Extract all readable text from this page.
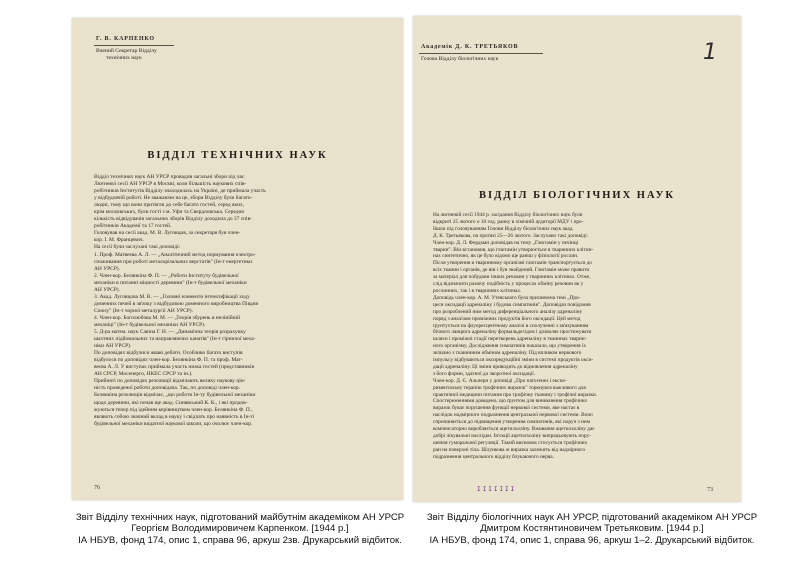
Г. В. КАРПЕНКО
Вчений Секретар Відділу
технічних наук
ВІДДІЛ ТЕХНІЧНИХ НАУК

Відділ технічних наук АН УРСР провадив загальні збори під час

Лютневої сесії АН УРСР в Москві, коли більшість наукових спів-

робітників Інститутів Відділу знаходилась на Україні, де приймала участь

у відбудовчій роботі. Не зважаючи на це, збори Відділу були багато-

людні, тому що вони притягли до себе багато гостей, серед яких,

крім московських, були гості з м. Уфи та Свердловська. Середня

кількість відвідувачів загальних зборів Відділу доходила до 37 спів-

робітників Академії та 17 гостей.

Головував на сесії акад. М. В. Луговцов, за секретаря був член-

кор. І. М. Францевич.

На сесії були заслухані такі доповіді:

1. Проф. Матвеєва А. Л. — „Аналітичний метод нормування електро-

споживання при роботі металорізальних верстатів" (Ін-т енергетики

АН УРСР).

2. Член-кор. Белянкіна Ф. П. — „Роботи Інституту будівельної

механіки в питанні міцності деревини" (Ін-т будівельної механіки

АН УРСР).

3. Акад. Луговцова М. В. — „Головні елементи інтенсифікації ходу

доменних печей в зв'язку з відбудовою доменного виробництва Півдня

Союзу" (Ін-т чорної металургії АН УРСР).

4. Член-кор. Боголюбова М. М. — „Теорія збурень в нелінійній

механіці" (Ін-т будівельної механіки АН УРСР).

5. Д-ра матем. наук Савіна Г. Н. — „Динамічна теорія розрахунку

шахтних підйомальних та направляючих канатів" (Ін-т гірничої меха-

ніки АН УРСР).

По доповідях відбулися жваві дебати. Особливо багато виступів

відбулося по доповідях член-кор. Белянкіна Ф. П. та проф. Мат-

веєва А. Л. У виступах приймала участь низка гостей (представників

АН СРСР, Мосенерго, НКЕС СРСР та ін.).

Прийняті по доповідях резолюції відмічають велику наукову цін-

ність проведеної роботи доповідача. Так, по доповіді член-кор.

Белянкіна резолюція відмічає, „що роботи Ін-ту будівельної механіки

щодо деревини, які почав ще акад. Синявський К. К., і які продов-

жуються тепер під ідейним керівництвом член-кор. Белянкіна Ф. П.,

являють собою значний вклад в науку і свідчать про наявність в Ін-ті

будівельної механіки видатної наукової школи, що очолює член-кор.

76
Академік Д. К. ТРЕТЬЯКОВ
Голова Відділу біологічних наук	1
ВІДДІЛ БІОЛОГІЧНИХ НАУК

На лютневій сесії 1944 р. засідання Відділу біологічних наук були

відкриті 25 лютого о 10 год. ранку в хімічній аудиторії МДУ і про-

йшли під головуванням Голови Відділу біологічних наук акад.

Д. К. Третьякова, на протязі 25—26 лютого. Заслухано такі доповіді:

Член-кор. Д. Л. Фердман доповідав на тему „Глютамін у печінці

тварин". Він встановив, що глютамін утворюється в тваринних клітин-

нах синтетично, як це було відомо ще раніш у фізіології рослин.

Після утворення в тваринному організмі глютамін транспортується до

всіх тканин і органів, де він і був знайдений. Глютамін може правити

за матеріал для побудови інших речовин у тваринних клітинах. Отже,

слід відзначити разючу подібність у процесах обміну речовин як у

рослинних, так і в тваринних клітинах.

Доповідь член-кор. А. М. Утевського була присвячена темі „Про-

цеси оксидації адреналіну і будова симпатинів". Доповідач повідомив

про розроблений ним метод диференціального аналізу адреналіну

поряд з аналізом проміжних продуктів його оксидації. Цей метод

ґрунтується на флуоресцентному аналізі в сполученні з зв'язуванням

бічного ланцюга адреналіну формальдегідом і дозволяє простежувати

шляхи і проміжні стадії перетворень адреналіну в тканинах тварин-

ного організму. Досліджения симпатинів показало, що утворення їх

зв'язано з тканинним обміном адреналіну. Під впливом нервового

імпульсу відбуваються оксиредукційні зміни в системі продуктів окси-

дації адреналіну. Ці зміни приводять до відновлення адреналіну

з його форми, здатної до зворотної оксидації.

Член-кор. Д. Є. Альпери у доповіді „Про патогенез і експе-

риментальну терапію трофічних виразок" торкнувся важливого для

практичної медицини питання про трофічну тканину і трофічні виразки.

Спостереженнями доведено, що ґрунтом для виникнення трофічних

виразок буває порушення функції нервової системи, яке настає в

наслідок надмірного подразнення центральної нервової системи. Воно

спричиняється до підвищення утворення симпатинів, які поруч з ним

компенсаторно виробляється ацетилхоліну. Вживання ацетилхоліну дає

добрі лікувальні наслідки. Ін'єкції ацетилхоліну випрацьовують пору-

шення гуморальної регуляції. Такий висновок стосується трофічних

ран на поверхні тіла. Шлункова ж виразка залежить від надмірного

подразнення центрального відділу блукаючого нерва.

IIIIIII	73
Звіт Відділу технічних наук, підготований майбутнім академіком АН УРСР
Георгієм Володимировичем Карпенком. [1944 р.]
ІА НБУВ, фонд 174, опис 1, справа 96, аркуш 2зв. Друкарський відбиток.
Звіт Відділу біологічних наук АН УРСР, підготований академіком АН УРСР
Дмитром Костянтиновичем Третьяковим. [1944 р.]
ІА НБУВ, фонд 174, опис 1, справа 96, аркуш 1–2. Друкарський відбиток.
